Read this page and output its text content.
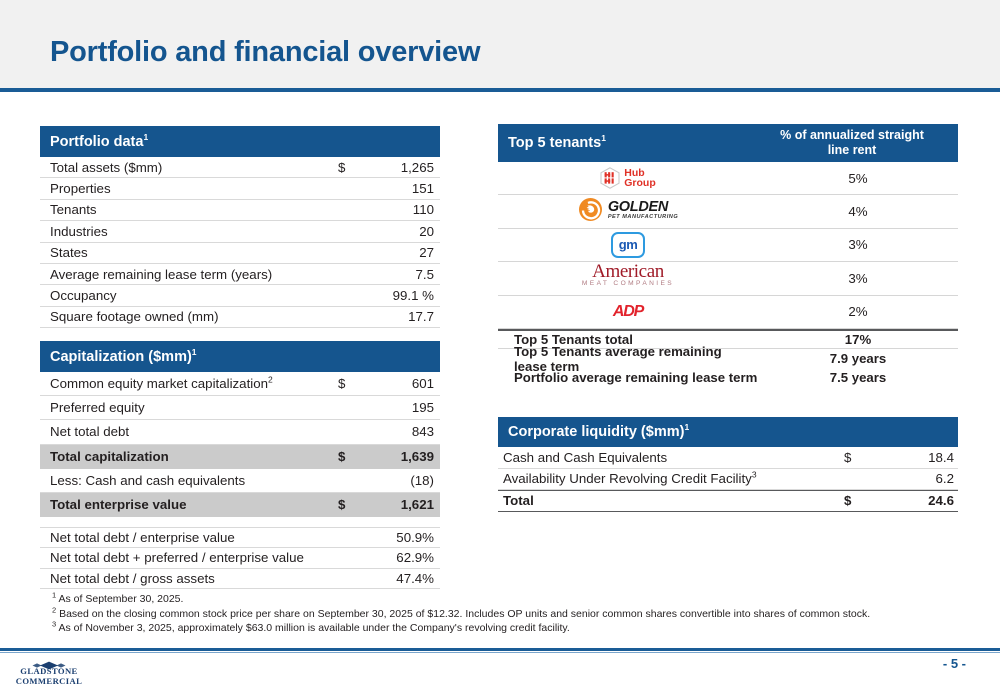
Portfolio and financial overview
Portfolio data$^1$
Total assets ($mm)	$	1,265
Properties	151
Tenants	110
Industries	20
States	27
Average remaining lease term (years)	7.5
Occupancy	99.1 %
Square footage owned (mm)	17.7
Capitalization ($mm)$^1$
Common equity market capitalization$^2$	$	601
Preferred equity	195
Net total debt	843
Total capitalization	$	1,639
Less: Cash and cash equivalents	(18)
Total enterprise value	$	1,621
Net total debt / enterprise value	50.9%
Net total debt + preferred / enterprise value	62.9%
Net total debt / gross assets	47.4%
Top 5 tenants$^1$	% of annualized straight
line rent
Hub
Group	5%
GOLDEN
PET MANUFACTURING	4%
gm	3%
American
MEAT COMPANIES	3%
ADP	2%
Top 5 Tenants total	17%
Top 5 Tenants average remaining lease term	7.9 years
Portfolio average remaining lease term	7.5 years
Corporate liquidity ($mm)$^1$
Cash and Cash Equivalents	$	18.4
Availability Under Revolving Credit Facility$^3$	6.2
Total	$	24.6
$^1$ As of September 30, 2025.
$^2$ Based on the closing common stock price per share on September 30, 2025 of $12.32. Includes OP units and senior common shares convertible into shares of common stock.
$^3$ As of November 3, 2025, approximately $63.0 million is available under the Company's revolving credit facility.
GLADSTONE
COMMERCIAL
- 5 -
